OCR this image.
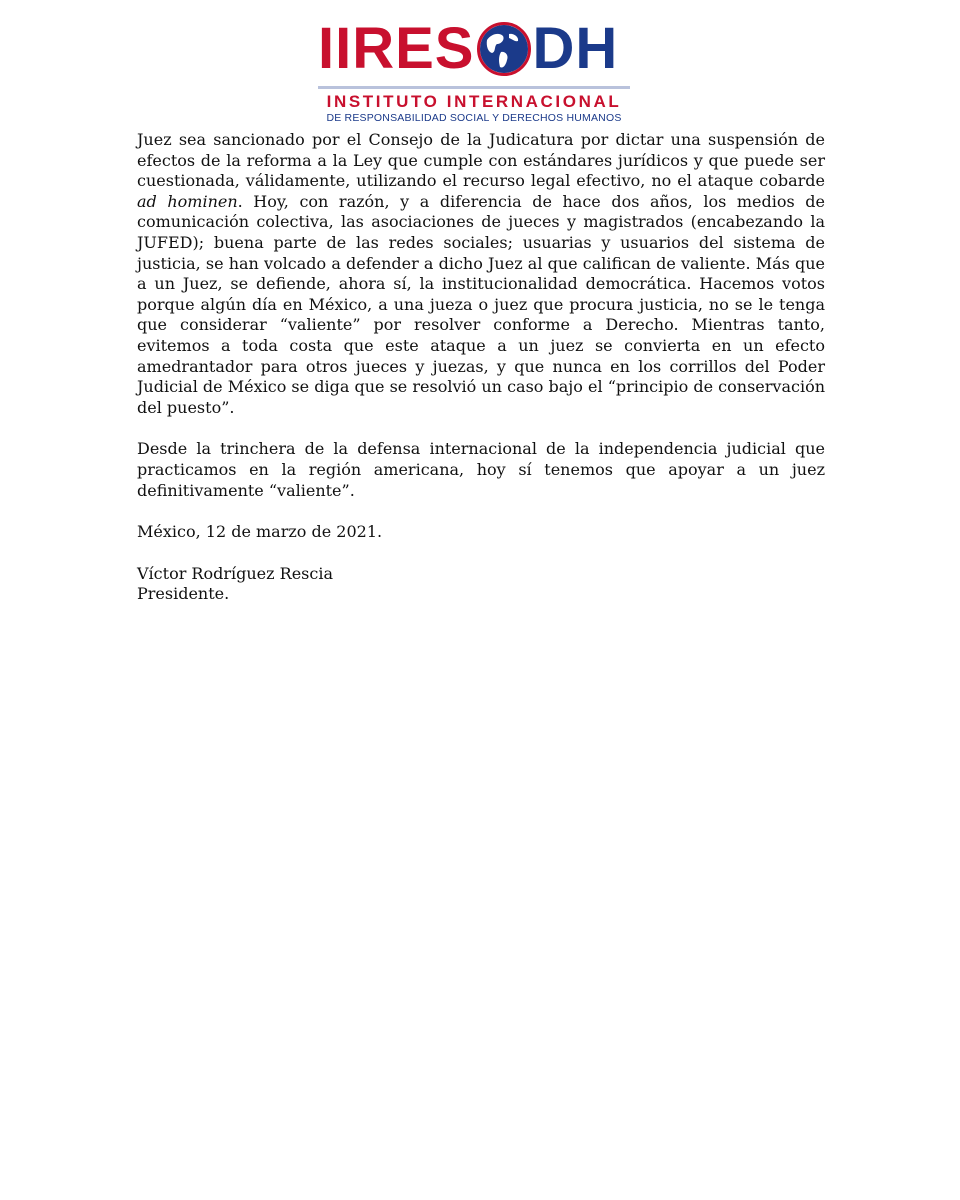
IIRES DH
INSTITUTO INTERNACIONAL
DE RESPONSABILIDAD SOCIAL Y DERECHOS HUMANOS

Juez sea sancionado por el Consejo de la Judicatura por dictar una suspensión de efectos de la reforma a la Ley que cumple con estándares jurídicos y que puede ser cuestionada, válidamente, utilizando el recurso legal efectivo, no el ataque cobarde ad hominen. Hoy, con razón, y a diferencia de hace dos años, los medios de comunicación colectiva, las asociaciones de jueces y magistrados (encabezando la JUFED); buena parte de las redes sociales; usuarias y usuarios del sistema de justicia, se han volcado a defender a dicho Juez al que califican de valiente. Más que a un Juez, se defiende, ahora sí, la institucionalidad democrática. Hacemos votos porque algún día en México, a una jueza o juez que procura justicia, no se le tenga que considerar “valiente” por resolver conforme a Derecho. Mientras tanto, evitemos a toda costa que este ataque a un juez se convierta en un efecto amedrantador para otros jueces y juezas, y que nunca en los corrillos del Poder Judicial de México se diga que se resolvió un caso bajo el “principio de conservación del puesto”.

Desde la trinchera de la defensa internacional de la independencia judicial que practicamos en la región americana, hoy sí tenemos que apoyar a un juez definitivamente “valiente”.

México, 12 de marzo de 2021.

Víctor Rodríguez Rescia

Presidente.
